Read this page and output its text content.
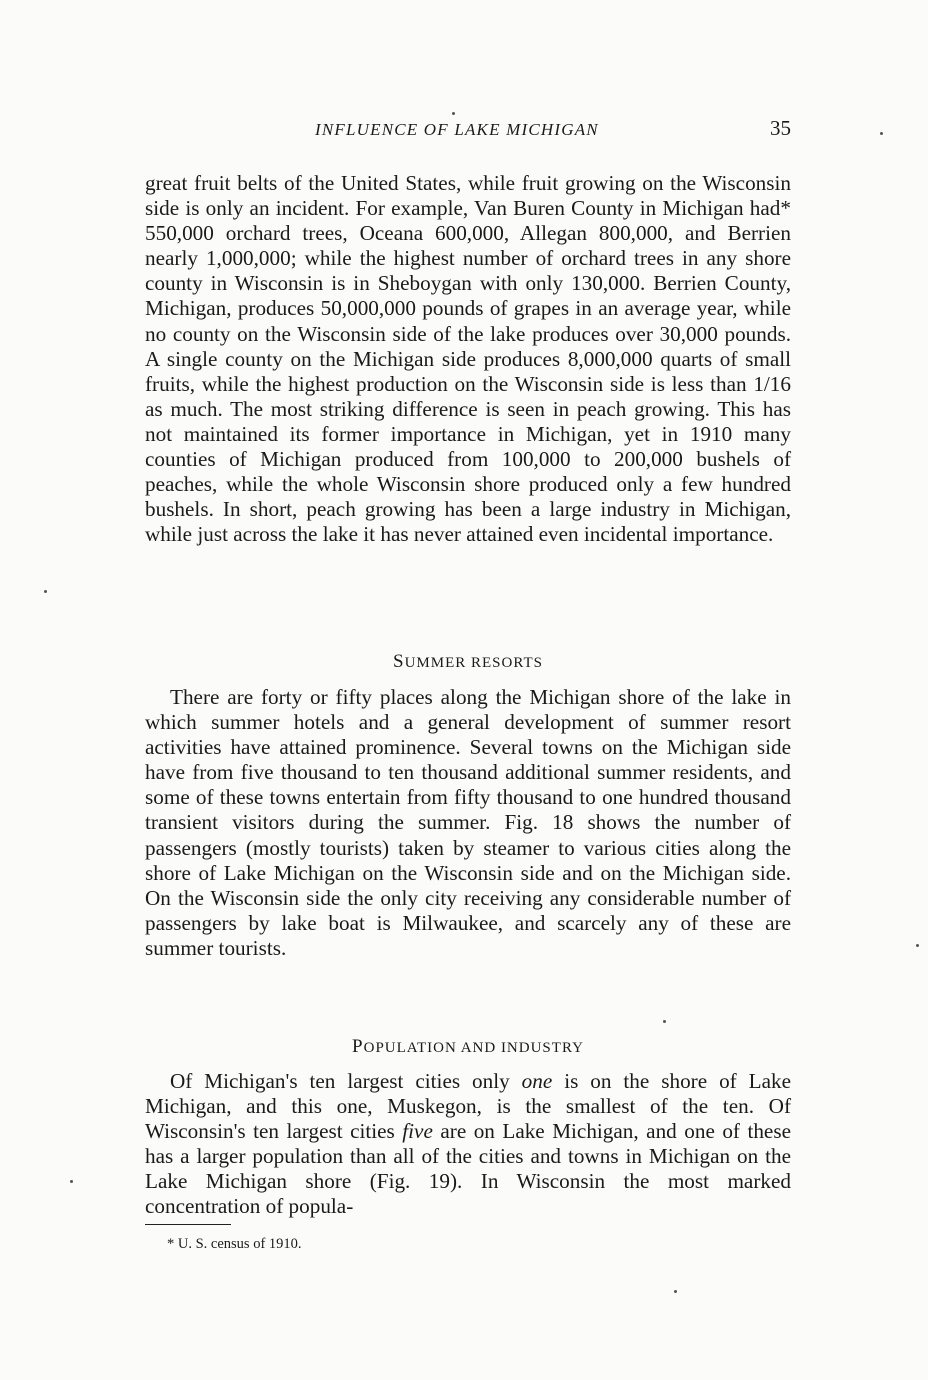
INFLUENCE OF LAKE MICHIGAN	35

great fruit belts of the United States, while fruit growing on the Wisconsin side is only an incident. For example, Van Buren County in Michigan had* 550,000 orchard trees, Oceana 600,000, Allegan 800,000, and Berrien nearly 1,000,000; while the highest number of orchard trees in any shore county in Wisconsin is in Sheboygan with only 130,000. Berrien County, Michigan, produces 50,000,000 pounds of grapes in an average year, while no county on the Wisconsin side of the lake produces over 30,000 pounds. A single county on the Michigan side produces 8,000,000 quarts of small fruits, while the highest production on the Wisconsin side is less than 1/16 as much. The most striking difference is seen in peach growing. This has not maintained its former importance in Michigan, yet in 1910 many counties of Michigan produced from 100,000 to 200,000 bushels of peaches, while the whole Wisconsin shore produced only a few hundred bushels. In short, peach growing has been a large industry in Michigan, while just across the lake it has never attained even incidental importance.

SUMMER RESORTS

There are forty or fifty places along the Michigan shore of the lake in which summer hotels and a general development of summer resort activities have attained prominence. Several towns on the Michigan side have from five thousand to ten thousand additional summer residents, and some of these towns entertain from fifty thousand to one hundred thousand transient visitors during the summer. Fig. 18 shows the number of passengers (mostly tourists) taken by steamer to various cities along the shore of Lake Michigan on the Wisconsin side and on the Michigan side. On the Wisconsin side the only city receiving any considerable number of passengers by lake boat is Milwaukee, and scarcely any of these are summer tourists.

POPULATION AND INDUSTRY

Of Michigan's ten largest cities only one is on the shore of Lake Michigan, and this one, Muskegon, is the smallest of the ten. Of Wisconsin's ten largest cities five are on Lake Michigan, and one of these has a larger population than all of the cities and towns in Michigan on the Lake Michigan shore (Fig. 19). In Wisconsin the most marked concentration of popula-

* U. S. census of 1910.
